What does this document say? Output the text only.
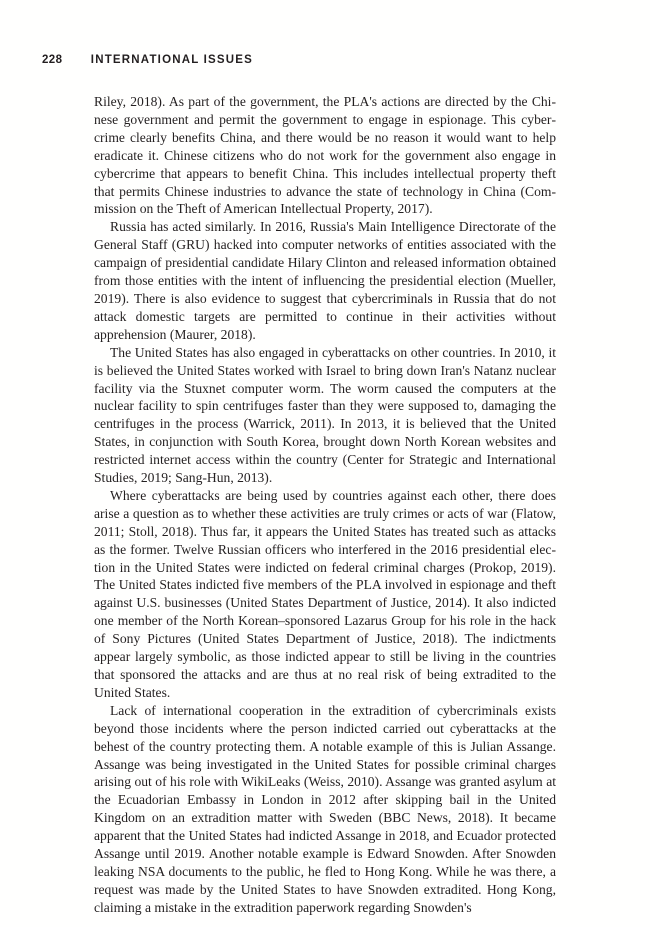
228 INTERNATIONAL ISSUES

Riley, 2018). As part of the government, the PLA's actions are directed by the Chinese government and permit the government to engage in espionage. This cybercrime clearly benefits China, and there would be no reason it would want to help eradicate it. Chinese citizens who do not work for the government also engage in cybercrime that appears to benefit China. This includes intellectual property theft that permits Chinese industries to advance the state of technology in China (Commission on the Theft of American Intellectual Property, 2017).

Russia has acted similarly. In 2016, Russia's Main Intelligence Directorate of the General Staff (GRU) hacked into computer networks of entities associated with the campaign of presidential candidate Hilary Clinton and released information obtained from those entities with the intent of influencing the presidential election (Mueller, 2019). There is also evidence to suggest that cybercriminals in Russia that do not attack domestic targets are permitted to continue in their activities without apprehension (Maurer, 2018).

The United States has also engaged in cyberattacks on other countries. In 2010, it is believed the United States worked with Israel to bring down Iran's Natanz nuclear facility via the Stuxnet computer worm. The worm caused the computers at the nuclear facility to spin centrifuges faster than they were supposed to, damaging the centrifuges in the process (Warrick, 2011). In 2013, it is believed that the United States, in conjunction with South Korea, brought down North Korean websites and restricted internet access within the country (Center for Strategic and International Studies, 2019; Sang-Hun, 2013).

Where cyberattacks are being used by countries against each other, there does arise a question as to whether these activities are truly crimes or acts of war (Flatow, 2011; Stoll, 2018). Thus far, it appears the United States has treated such as attacks as the former. Twelve Russian officers who interfered in the 2016 presidential election in the United States were indicted on federal criminal charges (Prokop, 2019). The United States indicted five members of the PLA involved in espionage and theft against U.S. businesses (United States Department of Justice, 2014). It also indicted one member of the North Korean–sponsored Lazarus Group for his role in the hack of Sony Pictures (United States Department of Justice, 2018). The indictments appear largely symbolic, as those indicted appear to still be living in the countries that sponsored the attacks and are thus at no real risk of being extradited to the United States.

Lack of international cooperation in the extradition of cybercriminals exists beyond those incidents where the person indicted carried out cyberattacks at the behest of the country protecting them. A notable example of this is Julian Assange. Assange was being investigated in the United States for possible criminal charges arising out of his role with WikiLeaks (Weiss, 2010). Assange was granted asylum at the Ecuadorian Embassy in London in 2012 after skipping bail in the United Kingdom on an extradition matter with Sweden (BBC News, 2018). It became apparent that the United States had indicted Assange in 2018, and Ecuador protected Assange until 2019. Another notable example is Edward Snowden. After Snowden leaking NSA documents to the public, he fled to Hong Kong. While he was there, a request was made by the United States to have Snowden extradited. Hong Kong, claiming a mistake in the extradition paperwork regarding Snowden's
